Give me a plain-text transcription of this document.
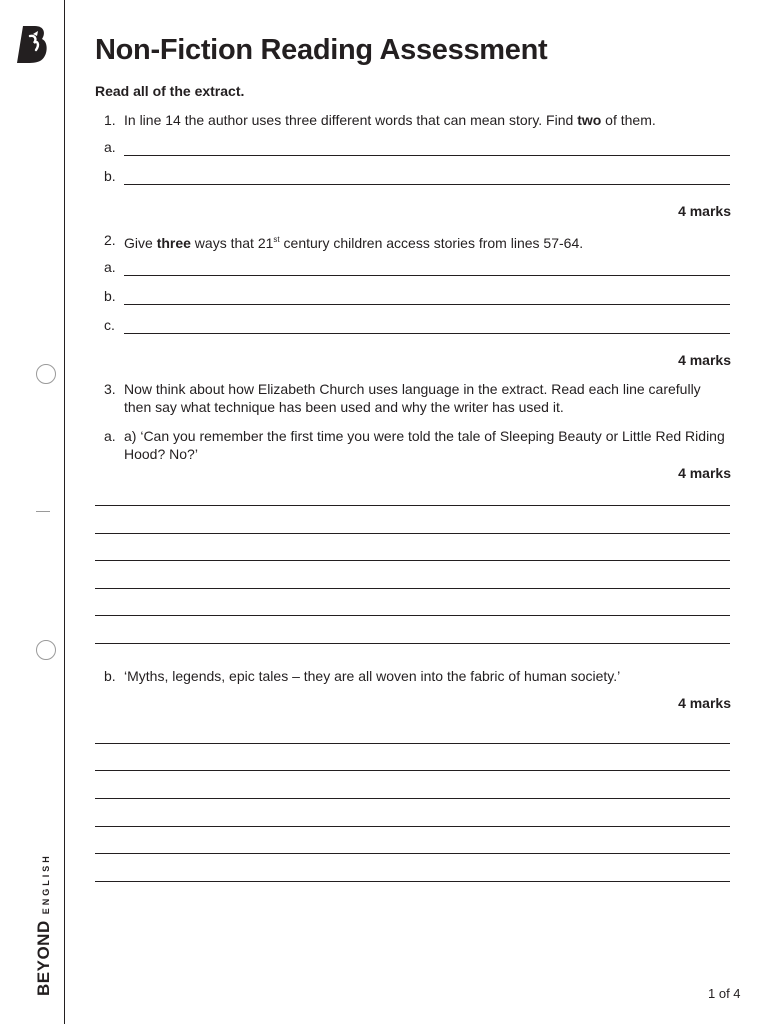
BEYOND
ENGLISH
Non-Fiction Reading Assessment
Read all of the extract.
1. In line 14 the author uses three different words that can mean story. Find two of them.
a.
b.
4 marks
2. Give three ways that 21st century children access stories from lines 57-64.
a.
b.
c.
4 marks
3. Now think about how Elizabeth Church uses language in the extract. Read each line carefully then say what technique has been used and why the writer has used it.
a. a) ‘Can you remember the first time you were told the tale of Sleeping Beauty or Little Red Riding Hood? No?’
4 marks
b. ‘Myths, legends, epic tales – they are all woven into the fabric of human society.’
4 marks
1 of 4
